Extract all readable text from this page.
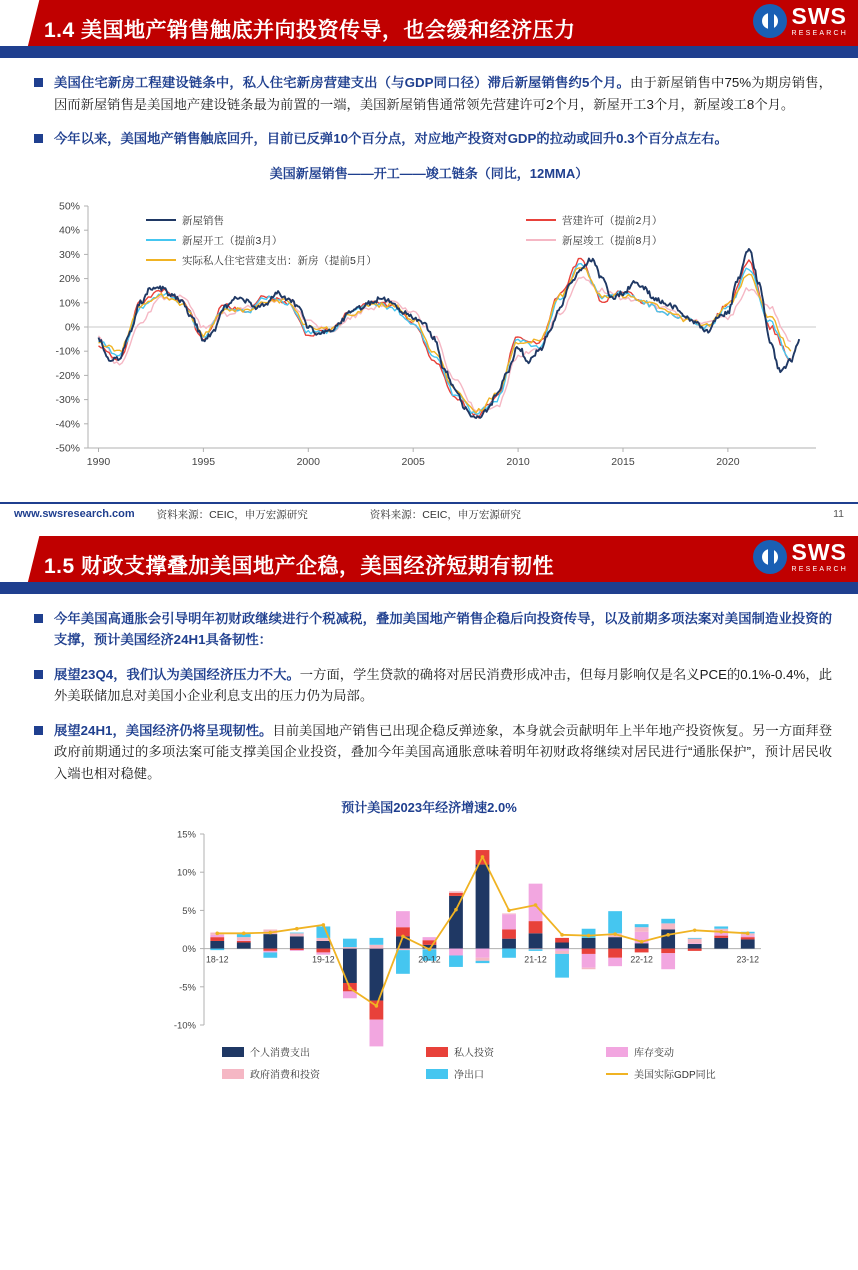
1.4 美国地产销售触底并向投资传导，也会缓和经济压力
SWS
RESEARCH
美国住宅新房工程建设链条中，私人住宅新房营建支出（与GDP同口径）滞后新屋销售约5个月。由于新屋销售中75%为期房销售，因而新屋销售是美国地产建设链条最为前置的一端，美国新屋销售通常领先营建许可2个月，新屋开工3个月，新屋竣工8个月。
今年以来，美国地产销售触底回升，目前已反弹10个百分点，对应地产投资对GDP的拉动或回升0.3个百分点左右。
美国新屋销售——开工——竣工链条（同比，12MMA）
50%
40%
30%
20%
10%
0%
-10%
-20%
-30%
-40%
-50%
1990	1995	2000	2005	2010	2015	2020
新屋销售
新屋开工（提前3月）
实际私人住宅营建支出：新房（提前5月）
营建许可（提前2月）
新屋竣工（提前8月）
www.swsresearch.com 资料来源：CEIC，申万宏源研究	资料来源：CEIC，申万宏源研究	11
1.5 财政支撑叠加美国地产企稳，美国经济短期有韧性
SWS
RESEARCH
今年美国高通胀会引导明年初财政继续进行个税减税，叠加美国地产销售企稳后向投资传导，以及前期多项法案对美国制造业投资的支撑，预计美国经济24H1具备韧性：
展望23Q4，我们认为美国经济压力不大。一方面，学生贷款的确将对居民消费形成冲击，但每月影响仅是名义PCE的0.1%-0.4%，此外美联储加息对美国小企业利息支出的压力仍为局部。
展望24H1，美国经济仍将呈现韧性。目前美国地产销售已出现企稳反弹迹象，本身就会贡献明年上半年地产投资恢复。另一方面拜登政府前期通过的多项法案可能支撑美国企业投资，叠加今年美国高通胀意味着明年初财政将继续对居民进行“通胀保护”，预计居民收入端也相对稳健。
预计美国2023年经济增速2.0%
15%
10%
5%
0%
-5%
-10%
18-12	19-12	20-12	21-12	22-12	23-12
个人消费支出
政府消费和投资
私人投资
净出口
库存变动
美国实际GDP同比
